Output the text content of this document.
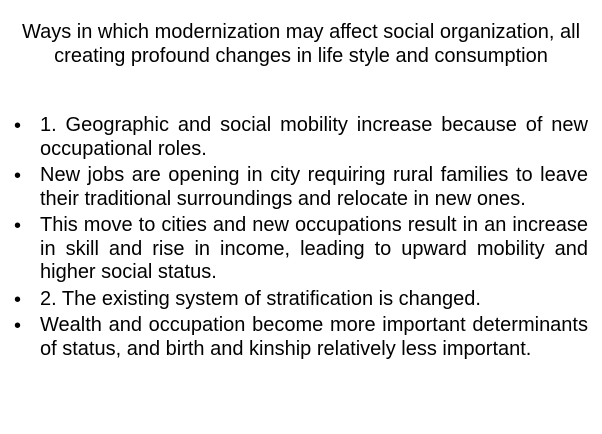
Ways in which modernization may affect social organization, all creating profound changes in life style and consumption
• 1. Geographic and social mobility increase because of new occupational roles.
• New jobs are opening in city requiring rural families to leave their traditional surroundings and relocate in new ones.
• This move to cities and new occupations result in an increase in skill and rise in income, leading to upward mobility and higher social status.
• 2. The existing system of stratification is changed.
• Wealth and occupation become more important determinants of status, and birth and kinship relatively less important.
